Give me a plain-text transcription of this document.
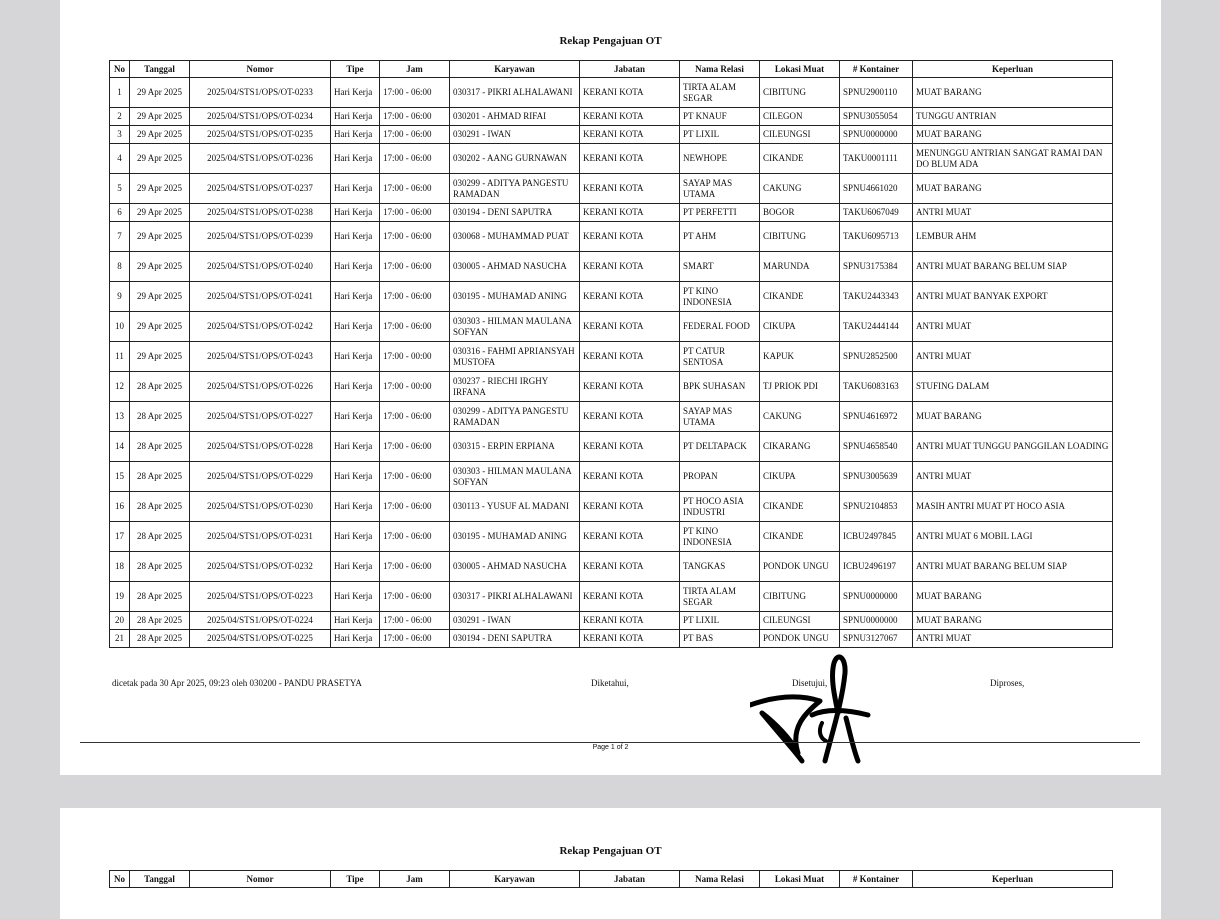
Rekap Pengajuan OT
No	Tanggal	Nomor	Tipe	Jam	Karyawan	Jabatan	Nama Relasi	Lokasi Muat	# Kontainer	Keperluan
1	29 Apr 2025	2025/04/STS1/OPS/OT-0233	Hari Kerja	17:00 - 06:00	030317 - PIKRI ALHALAWANI	KERANI KOTA	TIRTA ALAM SEGAR	CIBITUNG	SPNU2900110	MUAT BARANG
2	29 Apr 2025	2025/04/STS1/OPS/OT-0234	Hari Kerja	17:00 - 06:00	030201 - AHMAD RIFAI	KERANI KOTA	PT KNAUF	CILEGON	SPNU3055054	TUNGGU ANTRIAN
3	29 Apr 2025	2025/04/STS1/OPS/OT-0235	Hari Kerja	17:00 - 06:00	030291 - IWAN	KERANI KOTA	PT LIXIL	CILEUNGSI	SPNU0000000	MUAT BARANG
4	29 Apr 2025	2025/04/STS1/OPS/OT-0236	Hari Kerja	17:00 - 06:00	030202 - AANG GURNAWAN	KERANI KOTA	NEWHOPE	CIKANDE	TAKU0001111	MENUNGGU ANTRIAN SANGAT RAMAI DAN DO BLUM ADA
5	29 Apr 2025	2025/04/STS1/OPS/OT-0237	Hari Kerja	17:00 - 06:00	030299 - ADITYA PANGESTU RAMADAN	KERANI KOTA	SAYAP MAS UTAMA	CAKUNG	SPNU4661020	MUAT BARANG
6	29 Apr 2025	2025/04/STS1/OPS/OT-0238	Hari Kerja	17:00 - 06:00	030194 - DENI SAPUTRA	KERANI KOTA	PT PERFETTI	BOGOR	TAKU6067049	ANTRI MUAT
7	29 Apr 2025	2025/04/STS1/OPS/OT-0239	Hari Kerja	17:00 - 06:00	030068 - MUHAMMAD PUAT	KERANI KOTA	PT AHM	CIBITUNG	TAKU6095713	LEMBUR AHM
8	29 Apr 2025	2025/04/STS1/OPS/OT-0240	Hari Kerja	17:00 - 06:00	030005 - AHMAD NASUCHA	KERANI KOTA	SMART	MARUNDA	SPNU3175384	ANTRI MUAT BARANG BELUM SIAP
9	29 Apr 2025	2025/04/STS1/OPS/OT-0241	Hari Kerja	17:00 - 06:00	030195 - MUHAMAD ANING	KERANI KOTA	PT KINO INDONESIA	CIKANDE	TAKU2443343	ANTRI MUAT BANYAK EXPORT
10	29 Apr 2025	2025/04/STS1/OPS/OT-0242	Hari Kerja	17:00 - 06:00	030303 - HILMAN MAULANA SOFYAN	KERANI KOTA	FEDERAL FOOD	CIKUPA	TAKU2444144	ANTRI MUAT
11	29 Apr 2025	2025/04/STS1/OPS/OT-0243	Hari Kerja	17:00 - 00:00	030316 - FAHMI APRIANSYAH MUSTOFA	KERANI KOTA	PT CATUR SENTOSA	KAPUK	SPNU2852500	ANTRI MUAT
12	28 Apr 2025	2025/04/STS1/OPS/OT-0226	Hari Kerja	17:00 - 00:00	030237 - RIECHI IRGHY IRFANA	KERANI KOTA	BPK SUHASAN	TJ PRIOK PDI	TAKU6083163	STUFING DALAM
13	28 Apr 2025	2025/04/STS1/OPS/OT-0227	Hari Kerja	17:00 - 06:00	030299 - ADITYA PANGESTU RAMADAN	KERANI KOTA	SAYAP MAS UTAMA	CAKUNG	SPNU4616972	MUAT BARANG
14	28 Apr 2025	2025/04/STS1/OPS/OT-0228	Hari Kerja	17:00 - 06:00	030315 - ERPIN ERPIANA	KERANI KOTA	PT DELTAPACK	CIKARANG	SPNU4658540	ANTRI MUAT TUNGGU PANGGILAN LOADING
15	28 Apr 2025	2025/04/STS1/OPS/OT-0229	Hari Kerja	17:00 - 06:00	030303 - HILMAN MAULANA SOFYAN	KERANI KOTA	PROPAN	CIKUPA	SPNU3005639	ANTRI MUAT
16	28 Apr 2025	2025/04/STS1/OPS/OT-0230	Hari Kerja	17:00 - 06:00	030113 - YUSUF AL MADANI	KERANI KOTA	PT HOCO ASIA INDUSTRI	CIKANDE	SPNU2104853	MASIH ANTRI MUAT PT HOCO ASIA
17	28 Apr 2025	2025/04/STS1/OPS/OT-0231	Hari Kerja	17:00 - 06:00	030195 - MUHAMAD ANING	KERANI KOTA	PT KINO INDONESIA	CIKANDE	ICBU2497845	ANTRI MUAT 6 MOBIL LAGI
18	28 Apr 2025	2025/04/STS1/OPS/OT-0232	Hari Kerja	17:00 - 06:00	030005 - AHMAD NASUCHA	KERANI KOTA	TANGKAS	PONDOK UNGU	ICBU2496197	ANTRI MUAT BARANG BELUM SIAP
19	28 Apr 2025	2025/04/STS1/OPS/OT-0223	Hari Kerja	17:00 - 06:00	030317 - PIKRI ALHALAWANI	KERANI KOTA	TIRTA ALAM SEGAR	CIBITUNG	SPNU0000000	MUAT BARANG
20	28 Apr 2025	2025/04/STS1/OPS/OT-0224	Hari Kerja	17:00 - 06:00	030291 - IWAN	KERANI KOTA	PT LIXIL	CILEUNGSI	SPNU0000000	MUAT BARANG
21	28 Apr 2025	2025/04/STS1/OPS/OT-0225	Hari Kerja	17:00 - 06:00	030194 - DENI SAPUTRA	KERANI KOTA	PT BAS	PONDOK UNGU	SPNU3127067	ANTRI MUAT
dicetak pada 30 Apr 2025, 09:23 oleh 030200 - PANDU PRASETYA	Diketahui,	Disetujui,	Diproses,
Page 1 of 2
Rekap Pengajuan OT
No	Tanggal	Nomor	Tipe	Jam	Karyawan	Jabatan	Nama Relasi	Lokasi Muat	# Kontainer	Keperluan
